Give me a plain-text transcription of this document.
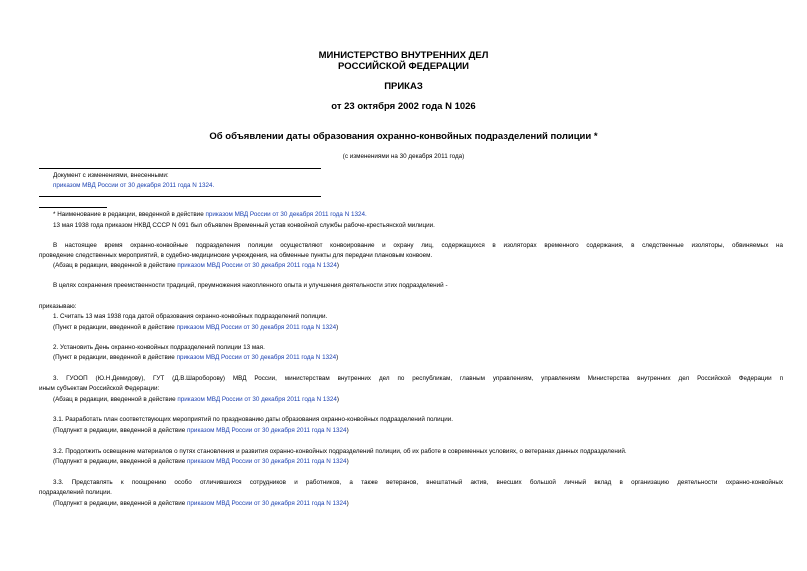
МИНИСТЕРСТВО ВНУТРЕННИХ ДЕЛ
РОССИЙСКОЙ ФЕДЕРАЦИИ
ПРИКАЗ
от 23 октября 2002 года N 1026
Об объявлении даты образования охранно-конвойных подразделений полиции *
(с изменениями на 30 декабря 2011 года)
Документ с изменениями, внесенными:
приказом МВД России от 30 декабря 2011 года N 1324.
* Наименование в редакции, введенной в действие приказом МВД России от 30 декабря 2011 года N 1324.
13 мая 1938 года приказом НКВД СССР N 091 был объявлен Временный устав конвойной службы рабоче-крестьянской милиции.
В настоящее время охранно-конвойные подразделения полиции осуществляют конвоирование и охрану лиц, содержащихся в изоляторах временного содержания, в следственные изоляторы, обвиняемых на
проведение следственных мероприятий, в судебно-медицинские учреждения, на обменные пункты для передачи плановым конвоем.
(Абзац в редакции, введенной в действие приказом МВД России от 30 декабря 2011 года N 1324)
В целях сохранения преемственности традиций, преумножения накопленного опыта и улучшения деятельности этих подразделений -
приказываю:
1. Считать 13 мая 1938 года датой образования охранно-конвойных подразделений полиции.
(Пункт в редакции, введенной в действие приказом МВД России от 30 декабря 2011 года N 1324)
2. Установить День охранно-конвойных подразделений полиции 13 мая.
(Пункт в редакции, введенной в действие приказом МВД России от 30 декабря 2011 года N 1324)
3. ГУООП (Ю.Н.Демидову), ГУТ (Д.В.Шароборову) МВД России, министерствам внутренних дел по республикам, главным управлениям, управлениям Министерства внутренних дел Российской Федерации п
иным субъектам Российской Федерации:
(Абзац в редакции, введенной в действие приказом МВД России от 30 декабря 2011 года N 1324)
3.1. Разработать план соответствующих мероприятий по празднованию даты образования охранно-конвойных подразделений полиции.
(Подпункт в редакции, введенной в действие приказом МВД России от 30 декабря 2011 года N 1324)
3.2. Продолжить освещение материалов о путях становления и развития охранно-конвойных подразделений полиции, об их работе в современных условиях, о ветеранах данных подразделений.
(Подпункт в редакции, введенной в действие приказом МВД России от 30 декабря 2011 года N 1324)
3.3. Представлять к поощрению особо отличившихся сотрудников и работников, а также ветеранов, внештатный актив, внесших большой личный вклад в организацию деятельности охранно-конвойных
подразделений полиции.
(Подпункт в редакции, введенной в действие приказом МВД России от 30 декабря 2011 года N 1324)
